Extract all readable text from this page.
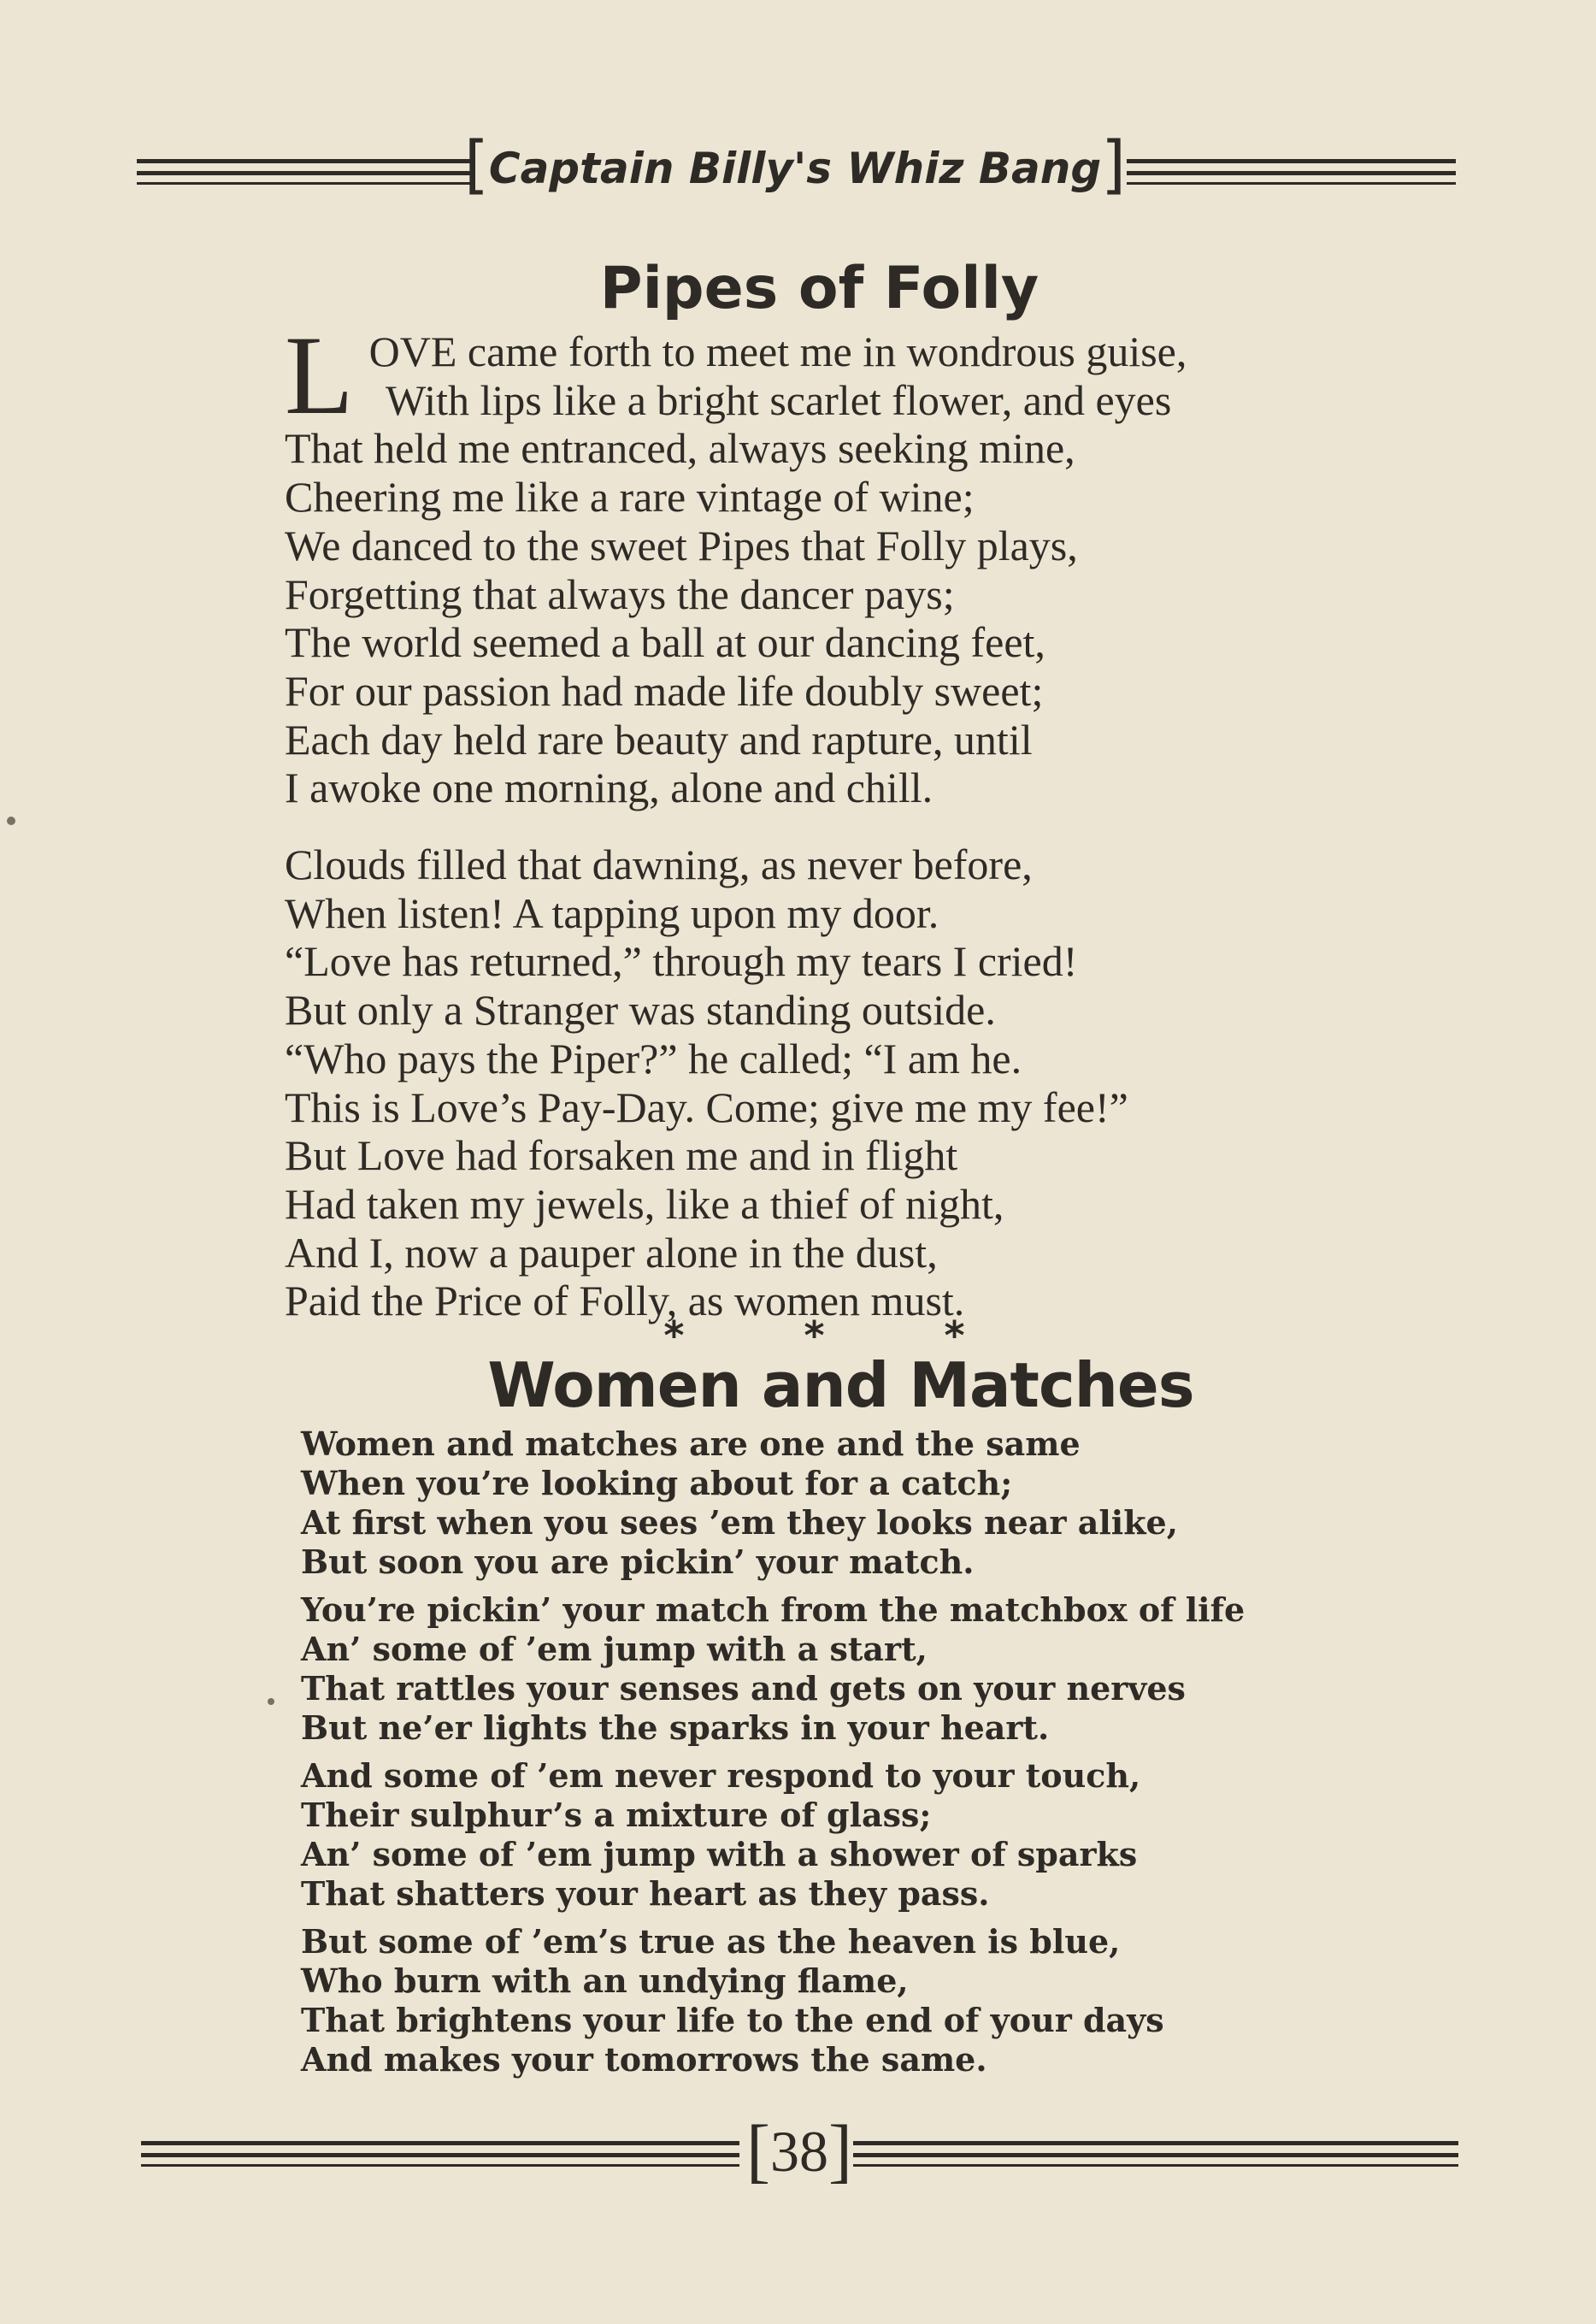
[Captain Billy's Whiz Bang]
Pipes of Folly
L OVE came forth to meet me in wondrous guise,
With lips like a bright scarlet flower, and eyes
That held me entranced, always seeking mine,
Cheering me like a rare vintage of wine;
We danced to the sweet Pipes that Folly plays,
Forgetting that always the dancer pays;
The world seemed a ball at our dancing feet,
For our passion had made life doubly sweet;
Each day held rare beauty and rapture, until
I awoke one morning, alone and chill.
Clouds filled that dawning, as never before,
When listen! A tapping upon my door.
“Love has returned,” through my tears I cried!
But only a Stranger was standing outside.
“Who pays the Piper?” he called; “I am he.
This is Love’s Pay-Day. Come; give me my fee!”
But Love had forsaken me and in flight
Had taken my jewels, like a thief of night,
And I, now a pauper alone in the dust,
Paid the Price of Folly, as women must.
* * *
Women and Matches
Women and matches are one and the same
When you’re looking about for a catch;
At first when you sees ’em they looks near alike,
But soon you are pickin’ your match.
You’re pickin’ your match from the matchbox of life
An’ some of ’em jump with a start,
That rattles your senses and gets on your nerves
But ne’er lights the sparks in your heart.
And some of ’em never respond to your touch,
Their sulphur’s a mixture of glass;
An’ some of ’em jump with a shower of sparks
That shatters your heart as they pass.
But some of ’em’s true as the heaven is blue,
Who burn with an undying flame,
That brightens your life to the end of your days
And makes your tomorrows the same.
[38]
